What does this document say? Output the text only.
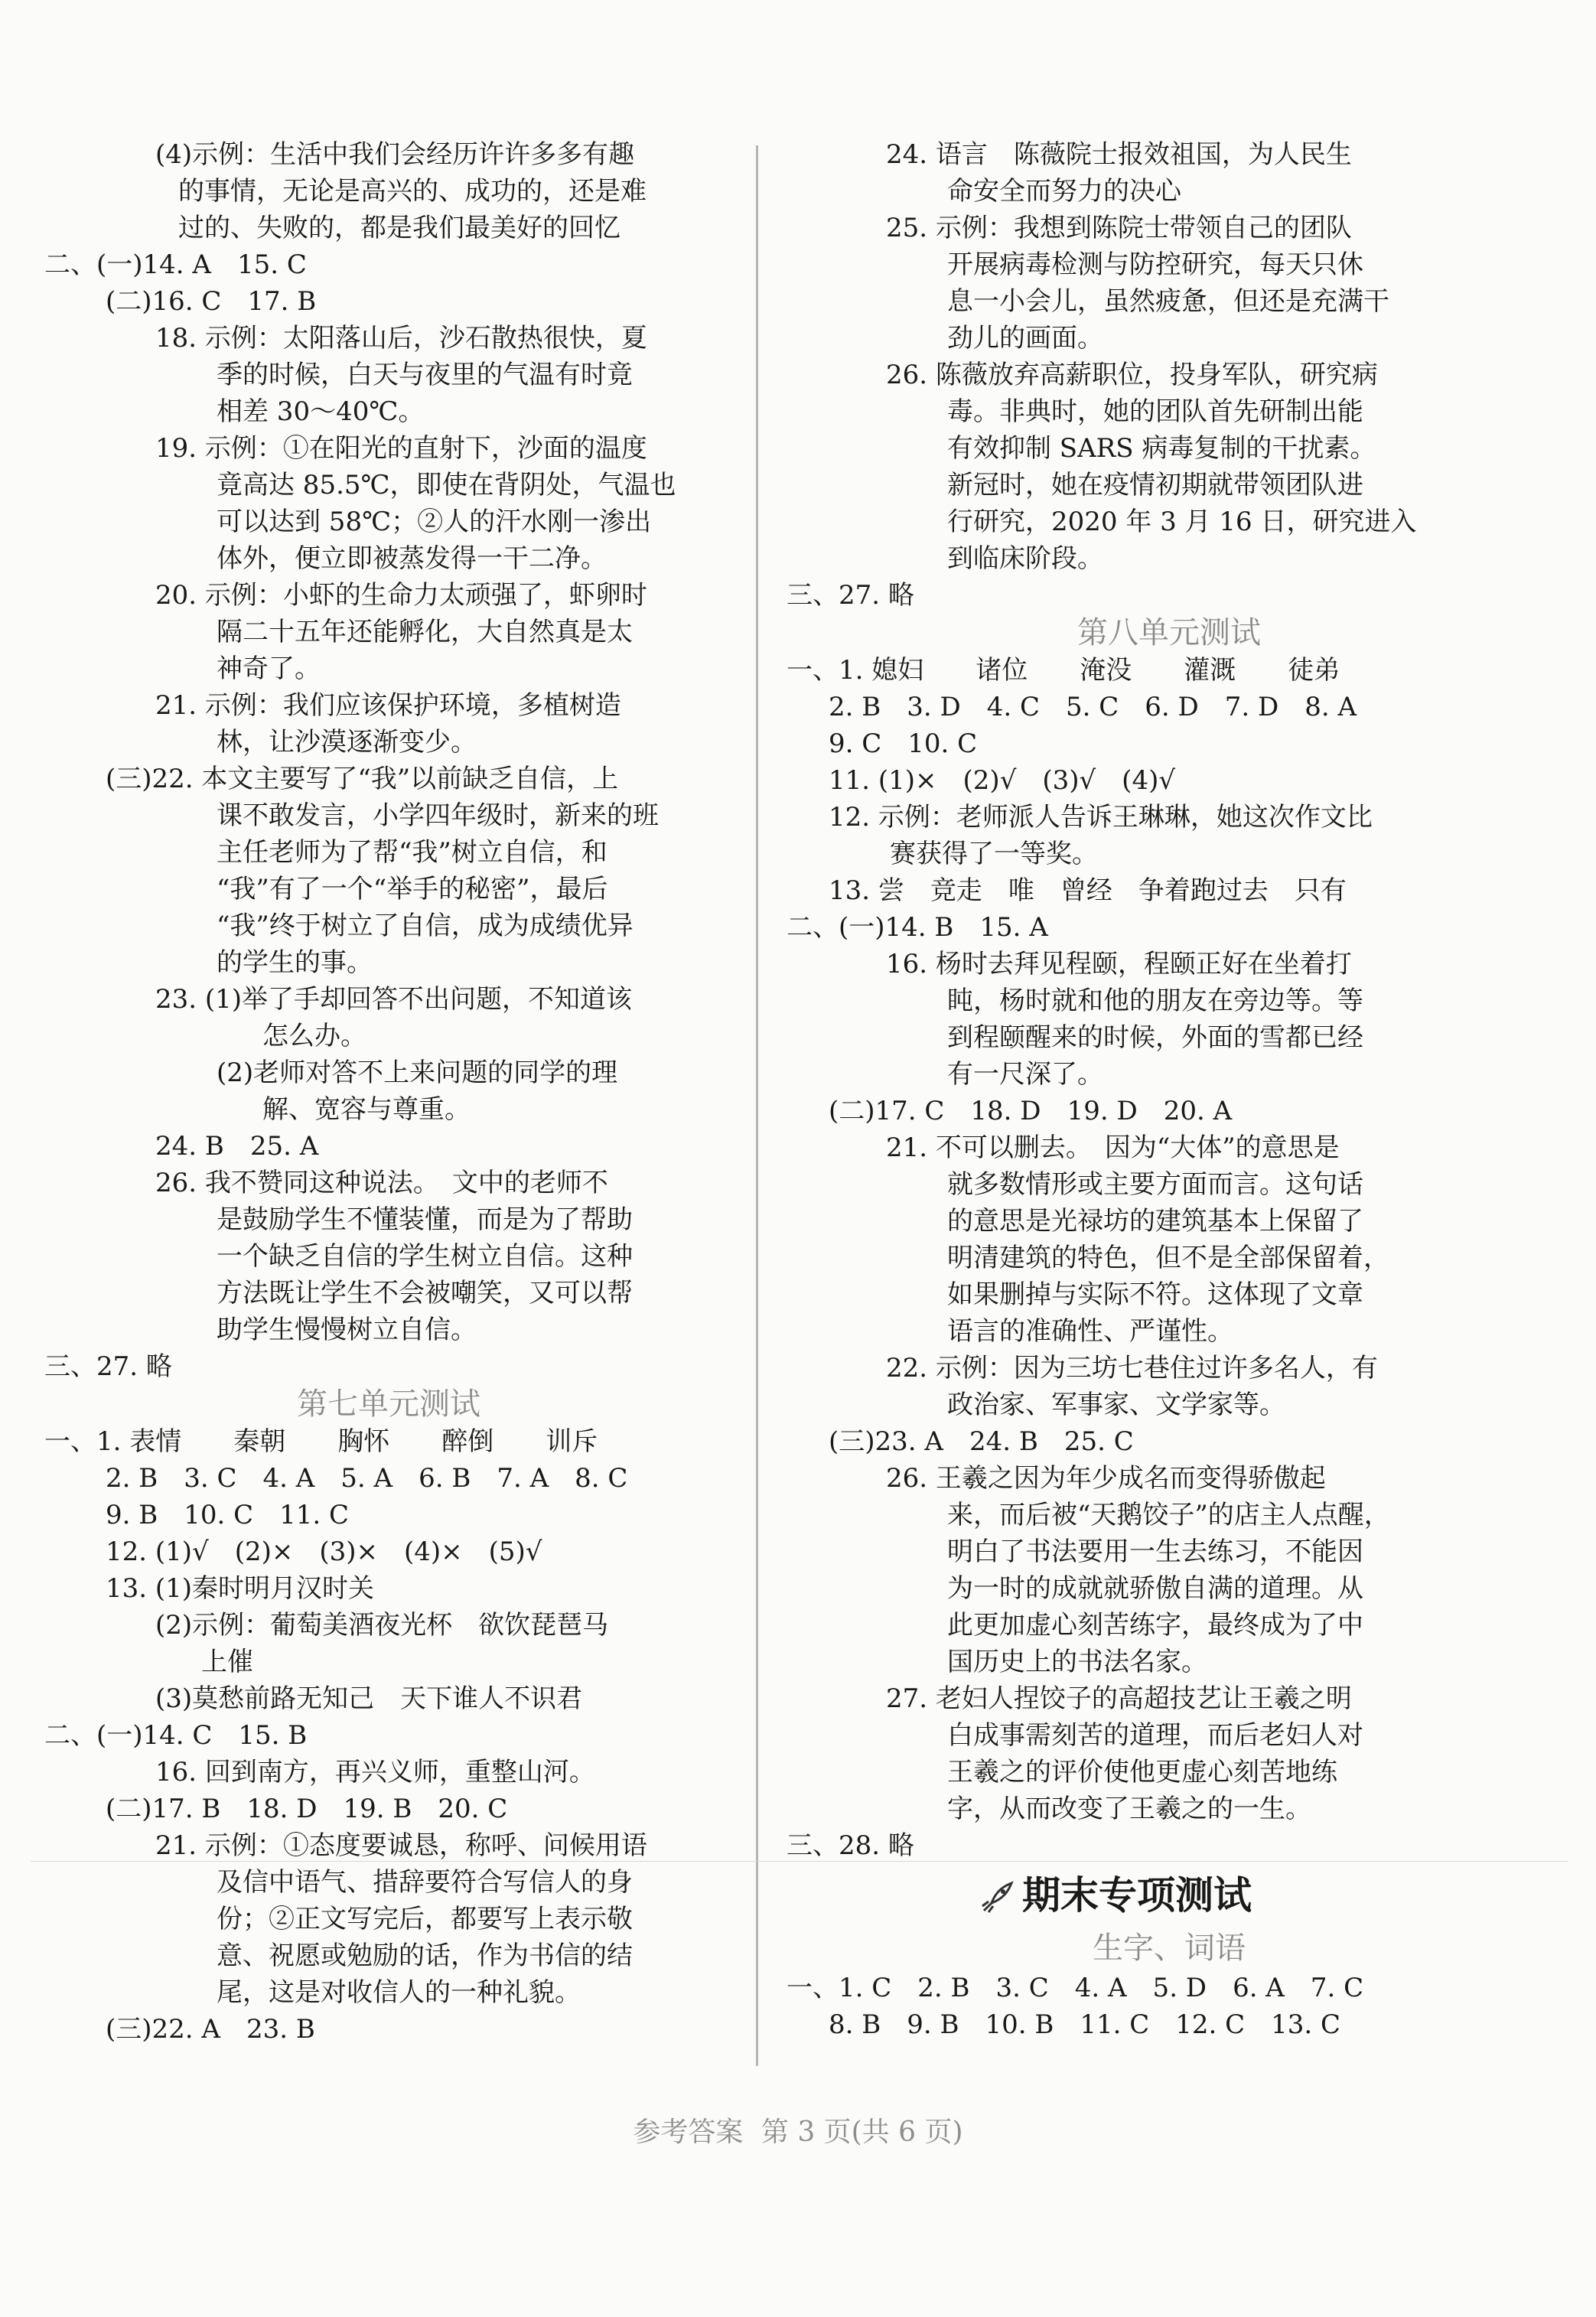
(4)示例：生活中我们会经历许许多多有趣
的事情，无论是高兴的、成功的，还是难
过的、失败的，都是我们最美好的回忆
二、(一)14. A　15. C
(二)16. C　17. B
18. 示例：太阳落山后，沙石散热很快，夏
季的时候，白天与夜里的气温有时竟
相差 30～40℃。
19. 示例：①在阳光的直射下，沙面的温度
竟高达 85.5℃，即使在背阴处，气温也
可以达到 58℃；②人的汗水刚一渗出
体外，便立即被蒸发得一干二净。
20. 示例：小虾的生命力太顽强了，虾卵时
隔二十五年还能孵化，大自然真是太
神奇了。
21. 示例：我们应该保护环境，多植树造
林，让沙漠逐渐变少。
(三)22. 本文主要写了“我”以前缺乏自信，上
课不敢发言，小学四年级时，新来的班
主任老师为了帮“我”树立自信，和
“我”有了一个“举手的秘密”，最后
“我”终于树立了自信，成为成绩优异
的学生的事。
23. (1)举了手却回答不出问题，不知道该
怎么办。
(2)老师对答不上来问题的同学的理
解、宽容与尊重。
24. B　25. A
26. 我不赞同这种说法。　文中的老师不
是鼓励学生不懂装懂，而是为了帮助
一个缺乏自信的学生树立自信。这种
方法既让学生不会被嘲笑，又可以帮
助学生慢慢树立自信。
三、27. 略
第七单元测试
一、1. 表情　　秦朝　　胸怀　　醉倒　　训斥
2. B　3. C　4. A　5. A　6. B　7. A　8. C
9. B　10. C　11. C
12. (1)√　(2)×　(3)×　(4)×　(5)√
13. (1)秦时明月汉时关
(2)示例：葡萄美酒夜光杯　欲饮琵琶马
上催
(3)莫愁前路无知己　天下谁人不识君
二、(一)14. C　15. B
16. 回到南方，再兴义师，重整山河。
(二)17. B　18. D　19. B　20. C
21. 示例：①态度要诚恳，称呼、问候用语
及信中语气、措辞要符合写信人的身
份；②正文写完后，都要写上表示敬
意、祝愿或勉励的话，作为书信的结
尾，这是对收信人的一种礼貌。
(三)22. A　23. B
24. 语言　陈薇院士报效祖国，为人民生
命安全而努力的决心
25. 示例：我想到陈院士带领自己的团队
开展病毒检测与防控研究，每天只休
息一小会儿，虽然疲惫，但还是充满干
劲儿的画面。
26. 陈薇放弃高薪职位，投身军队，研究病
毒。非典时，她的团队首先研制出能
有效抑制 SARS 病毒复制的干扰素。
新冠时，她在疫情初期就带领团队进
行研究，2020 年 3 月 16 日，研究进入
到临床阶段。
三、27. 略
第八单元测试
一、1. 媳妇　　诸位　　淹没　　灌溉　　徒弟
2. B　3. D　4. C　5. C　6. D　7. D　8. A
9. C　10. C
11. (1)×　(2)√　(3)√　(4)√
12. 示例：老师派人告诉王琳琳，她这次作文比
赛获得了一等奖。
13. 尝　竞走　唯　曾经　争着跑过去　只有
二、(一)14. B　15. A
16. 杨时去拜见程颐，程颐正好在坐着打
盹，杨时就和他的朋友在旁边等。等
到程颐醒来的时候，外面的雪都已经
有一尺深了。
(二)17. C　18. D　19. D　20. A
21. 不可以删去。　因为“大体”的意思是
就多数情形或主要方面而言。这句话
的意思是光禄坊的建筑基本上保留了
明清建筑的特色，但不是全部保留着，
如果删掉与实际不符。这体现了文章
语言的准确性、严谨性。
22. 示例：因为三坊七巷住过许多名人，有
政治家、军事家、文学家等。
(三)23. A　24. B　25. C
26. 王羲之因为年少成名而变得骄傲起
来，而后被“天鹅饺子”的店主人点醒，
明白了书法要用一生去练习，不能因
为一时的成就就骄傲自满的道理。从
此更加虚心刻苦练字，最终成为了中
国历史上的书法名家。
27. 老妇人捏饺子的高超技艺让王羲之明
白成事需刻苦的道理，而后老妇人对
王羲之的评价使他更虚心刻苦地练
字，从而改变了王羲之的一生。
三、28. 略
期末专项测试
生字、词语
一、1. C　2. B　3. C　4. A　5. D　6. A　7. C
8. B　9. B　10. B　11. C　12. C　13. C
参考答案 第 3 页(共 6 页)
